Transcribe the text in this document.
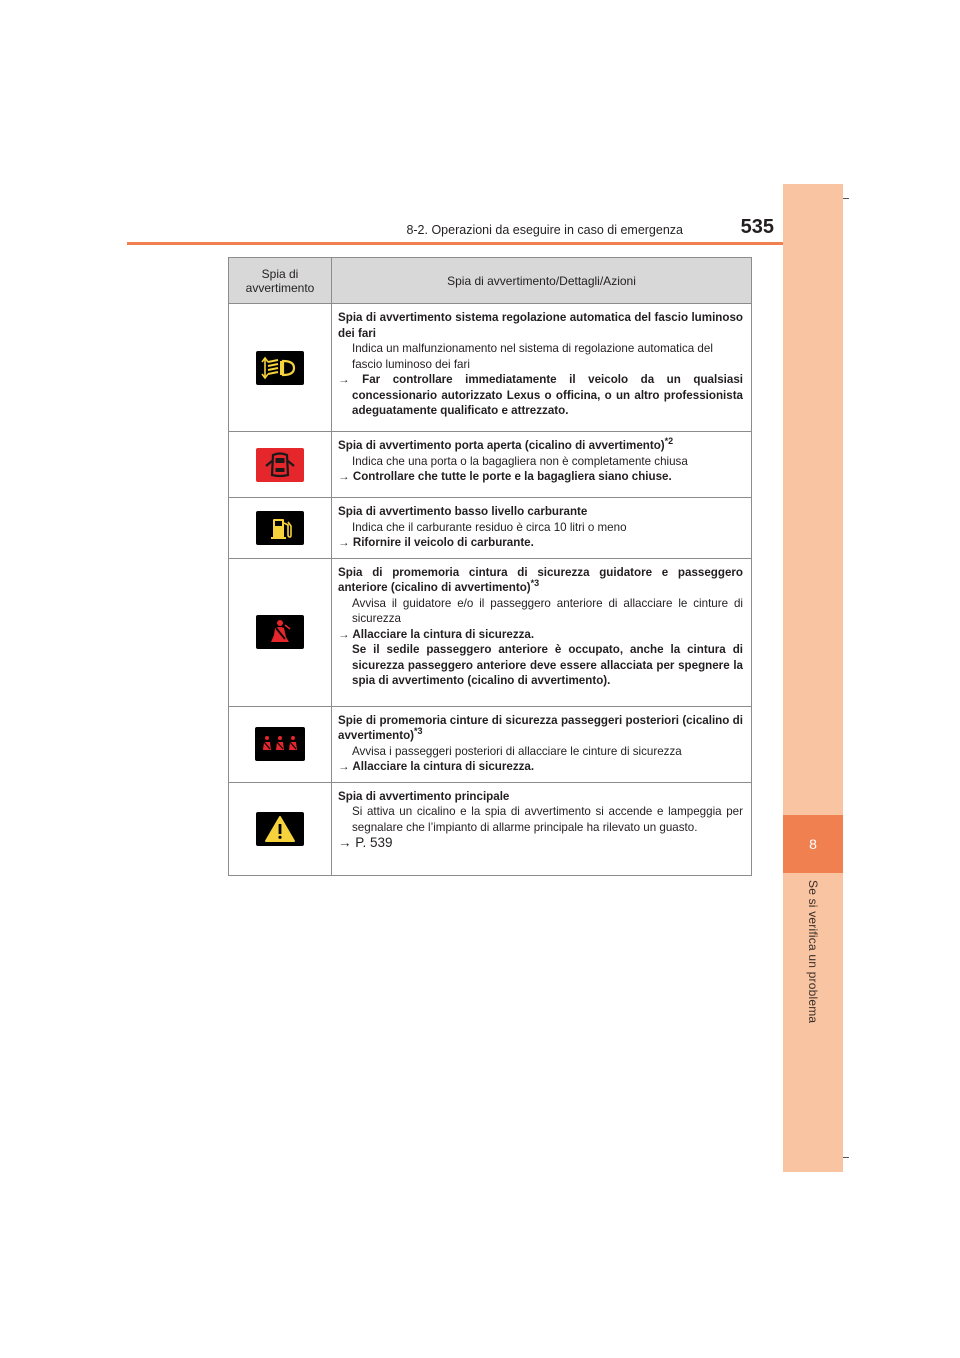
8-2. Operazioni da eseguire in caso di emergenza	535
8
Se si verifica un problema
Spia di avvertimento	Spia di avvertimento/Dettagli/Azioni

Spia di avvertimento sistema regolazione automatica del fascio luminoso dei fari
Indica un malfunzionamento nel sistema di regolazione automatica del fascio luminoso dei fari
→ Far controllare immediatamente il veicolo da un qualsiasi concessionario autorizzato Lexus o officina, o un altro professionista adeguatamente qualificato e attrezzato.

Spia di avvertimento porta aperta (cicalino di avvertimento)$^{*2}$
Indica che una porta o la bagagliera non è completamente chiusa
→ Controllare che tutte le porte e la bagagliera siano chiuse.

Spia di avvertimento basso livello carburante
Indica che il carburante residuo è circa 10 litri o meno
→ Rifornire il veicolo di carburante.

Spia di promemoria cintura di sicurezza guidatore e passeggero anteriore (cicalino di avvertimento)$^{*3}$
Avvisa il guidatore e/o il passeggero anteriore di allacciare le cinture di sicurezza
→ Allacciare la cintura di sicurezza.
Se il sedile passeggero anteriore è occupato, anche la cintura di sicurezza passeggero anteriore deve essere allacciata per spegnere la spia di avvertimento (cicalino di avvertimento).

Spie di promemoria cinture di sicurezza passeggeri posteriori (cicalino di avvertimento)$^{*3}$
Avvisa i passeggeri posteriori di allacciare le cinture di sicurezza
→ Allacciare la cintura di sicurezza.

Spia di avvertimento principale
Si attiva un cicalino e la spia di avvertimento si accende e lampeggia per segnalare che l’impianto di allarme principale ha rilevato un guasto.
→ P. 539
